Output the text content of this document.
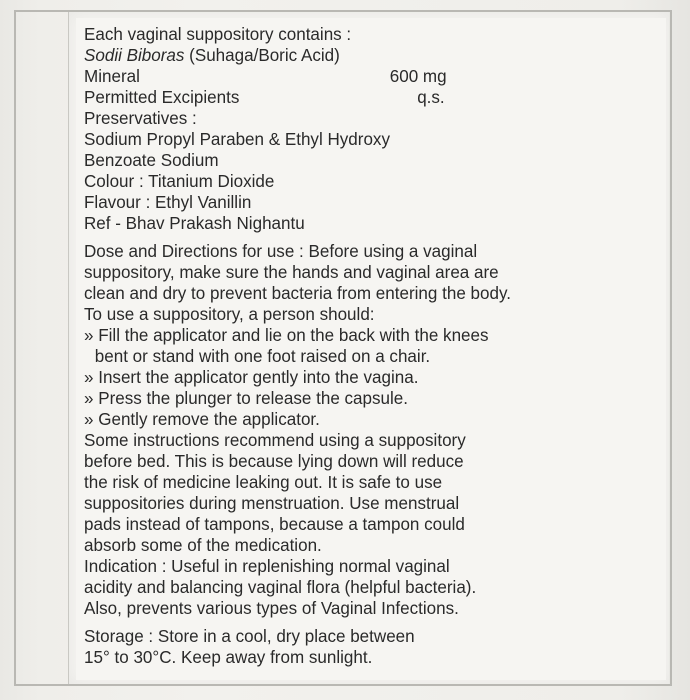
Each vaginal suppository contains :
Sodii Biboras (Suhaga/Boric Acid)
Mineral	600 mg
Permitted Excipients	q.s.
Preservatives :
Sodium Propyl Paraben & Ethyl Hydroxy
Benzoate Sodium
Colour : Titanium Dioxide
Flavour : Ethyl Vanillin
Ref - Bhav Prakash Nighantu
Dose and Directions for use : Before using a vaginal
suppository, make sure the hands and vaginal area are
clean and dry to prevent bacteria from entering the body.
To use a suppository, a person should:
» Fill the applicator and lie on the back with the knees
bent or stand with one foot raised on a chair.
» Insert the applicator gently into the vagina.
» Press the plunger to release the capsule.
» Gently remove the applicator.
Some instructions recommend using a suppository
before bed. This is because lying down will reduce
the risk of medicine leaking out. It is safe to use
suppositories during menstruation. Use menstrual
pads instead of tampons, because a tampon could
absorb some of the medication.
Indication : Useful in replenishing normal vaginal
acidity and balancing vaginal flora (helpful bacteria).
Also, prevents various types of Vaginal Infections.
Storage : Store in a cool, dry place between
15° to 30°C. Keep away from sunlight.
